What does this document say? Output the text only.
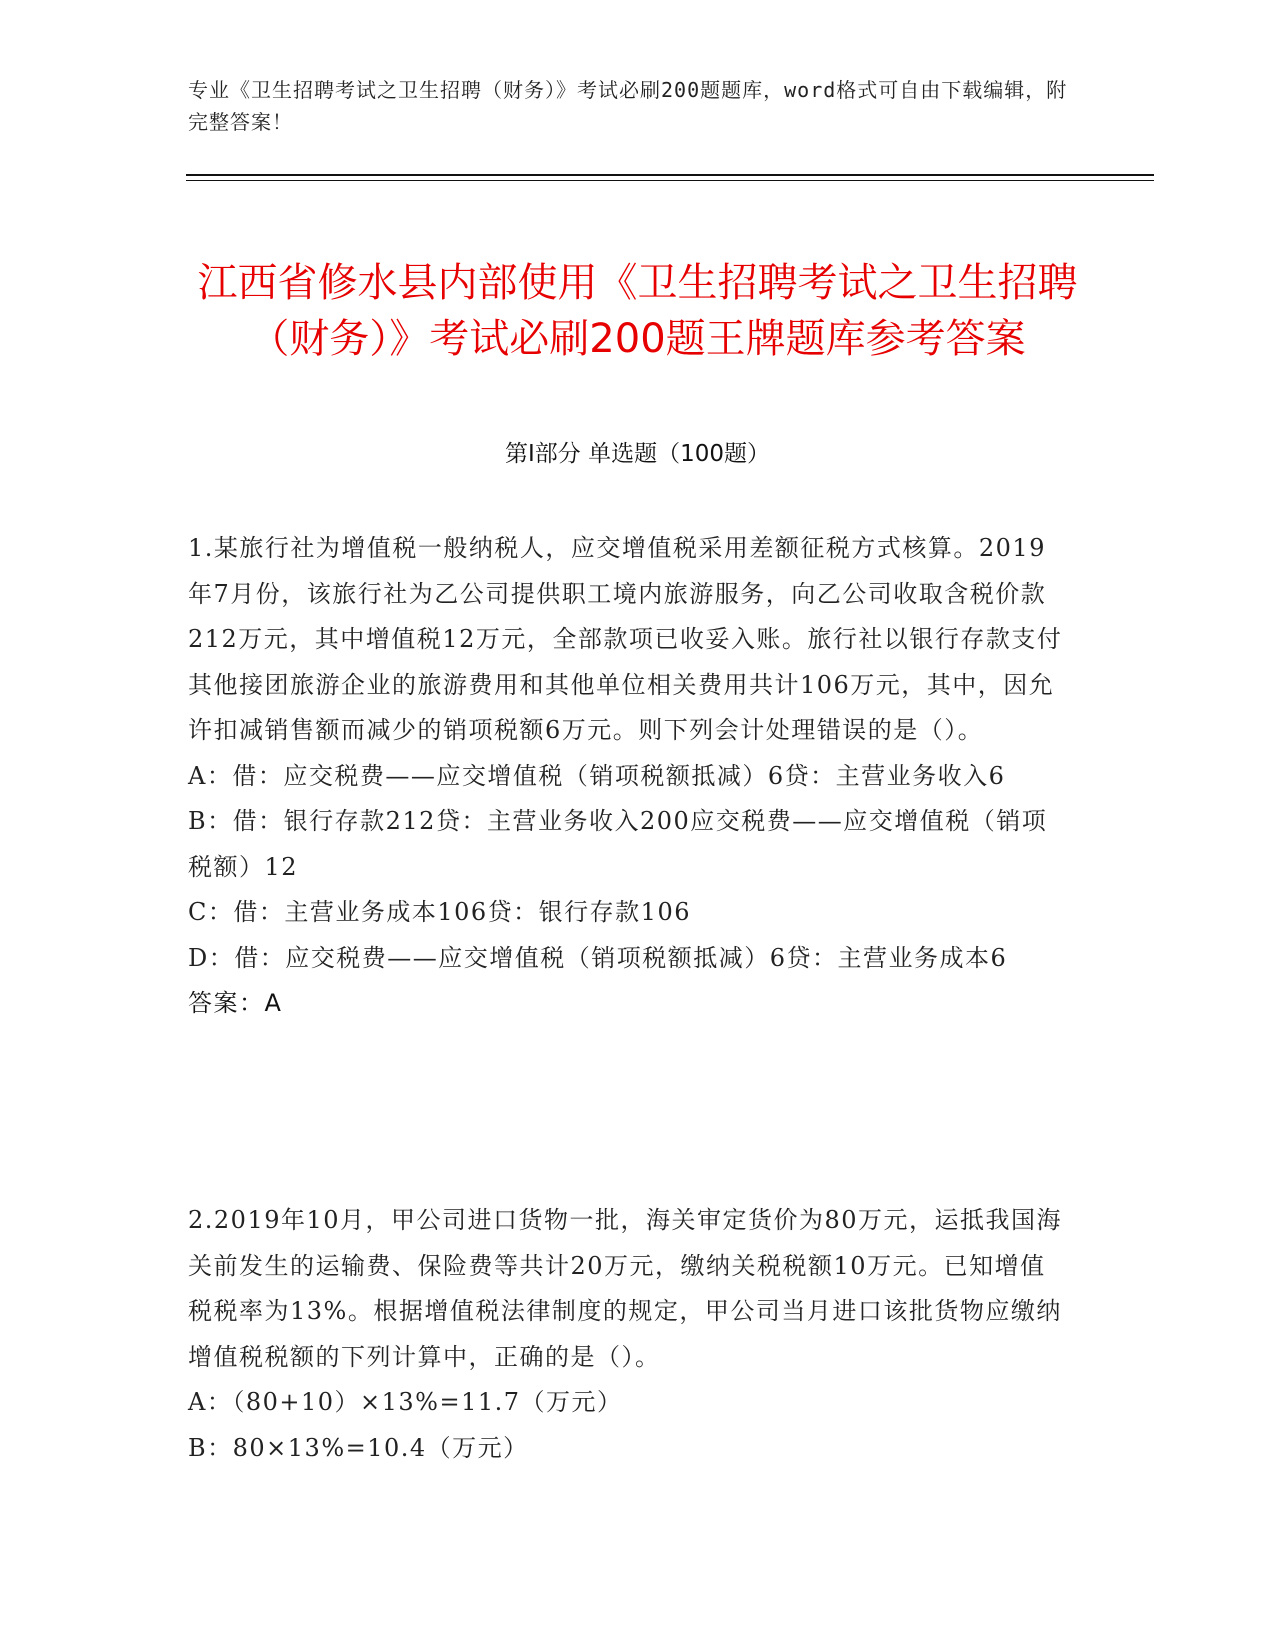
专业《卫生招聘考试之卫生招聘（财务）》考试必刷200题题库，word格式可自由下载编辑，附完整答案！
江西省修水县内部使用《卫生招聘考试之卫生招聘（财务）》考试必刷200题王牌题库参考答案
第Ⅰ部分 单选题（100题）

1.某旅行社为增值税一般纳税人，应交增值税采用差额征税方式核算。2019年7月份，该旅行社为乙公司提供职工境内旅游服务，向乙公司收取含税价款212万元，其中增值税12万元，全部款项已收妥入账。旅行社以银行存款支付其他接团旅游企业的旅游费用和其他单位相关费用共计106万元，其中，因允许扣减销售额而减少的销项税额6万元。则下列会计处理错误的是（）。

A：借：应交税费——应交增值税（销项税额抵减）6贷：主营业务收入6

B：借：银行存款212贷：主营业务收入200应交税费——应交增值税（销项税额）12

C：借：主营业务成本106贷：银行存款106

D：借：应交税费——应交增值税（销项税额抵减）6贷：主营业务成本6

答案：A

2.2019年10月，甲公司进口货物一批，海关审定货价为80万元，运抵我国海关前发生的运输费、保险费等共计20万元，缴纳关税税额10万元。已知增值税税率为13%。根据增值税法律制度的规定，甲公司当月进口该批货物应缴纳增值税税额的下列计算中，正确的是（）。

A：（80+10）×13%=11.7（万元）

B：80×13%=10.4（万元）
